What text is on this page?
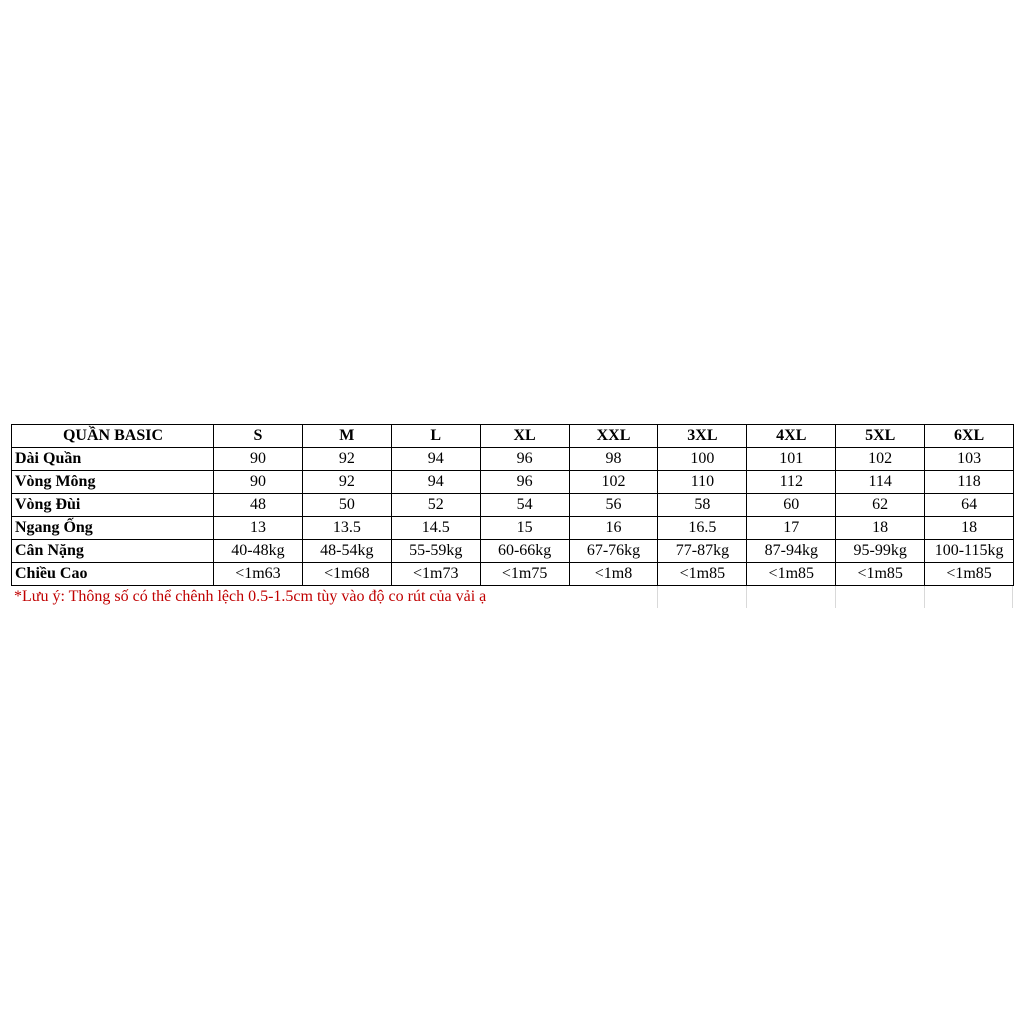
QUẦN BASIC	S	M	L	XL	XXL	3XL	4XL	5XL	6XL
Dài Quần	90	92	94	96	98	100	101	102	103
Vòng Mông	90	92	94	96	102	110	112	114	118
Vòng Đùi	48	50	52	54	56	58	60	62	64
Ngang Ống	13	13.5	14.5	15	16	16.5	17	18	18
Cân Nặng	40-48kg	48-54kg	55-59kg	60-66kg	67-76kg	77-87kg	87-94kg	95-99kg	100-115kg
Chiều Cao	<1m63	<1m68	<1m73	<1m75	<1m8	<1m85	<1m85	<1m85	<1m85
*Lưu ý: Thông số có thể chênh lệch 0.5-1.5cm tùy vào độ co rút của vải ạ
